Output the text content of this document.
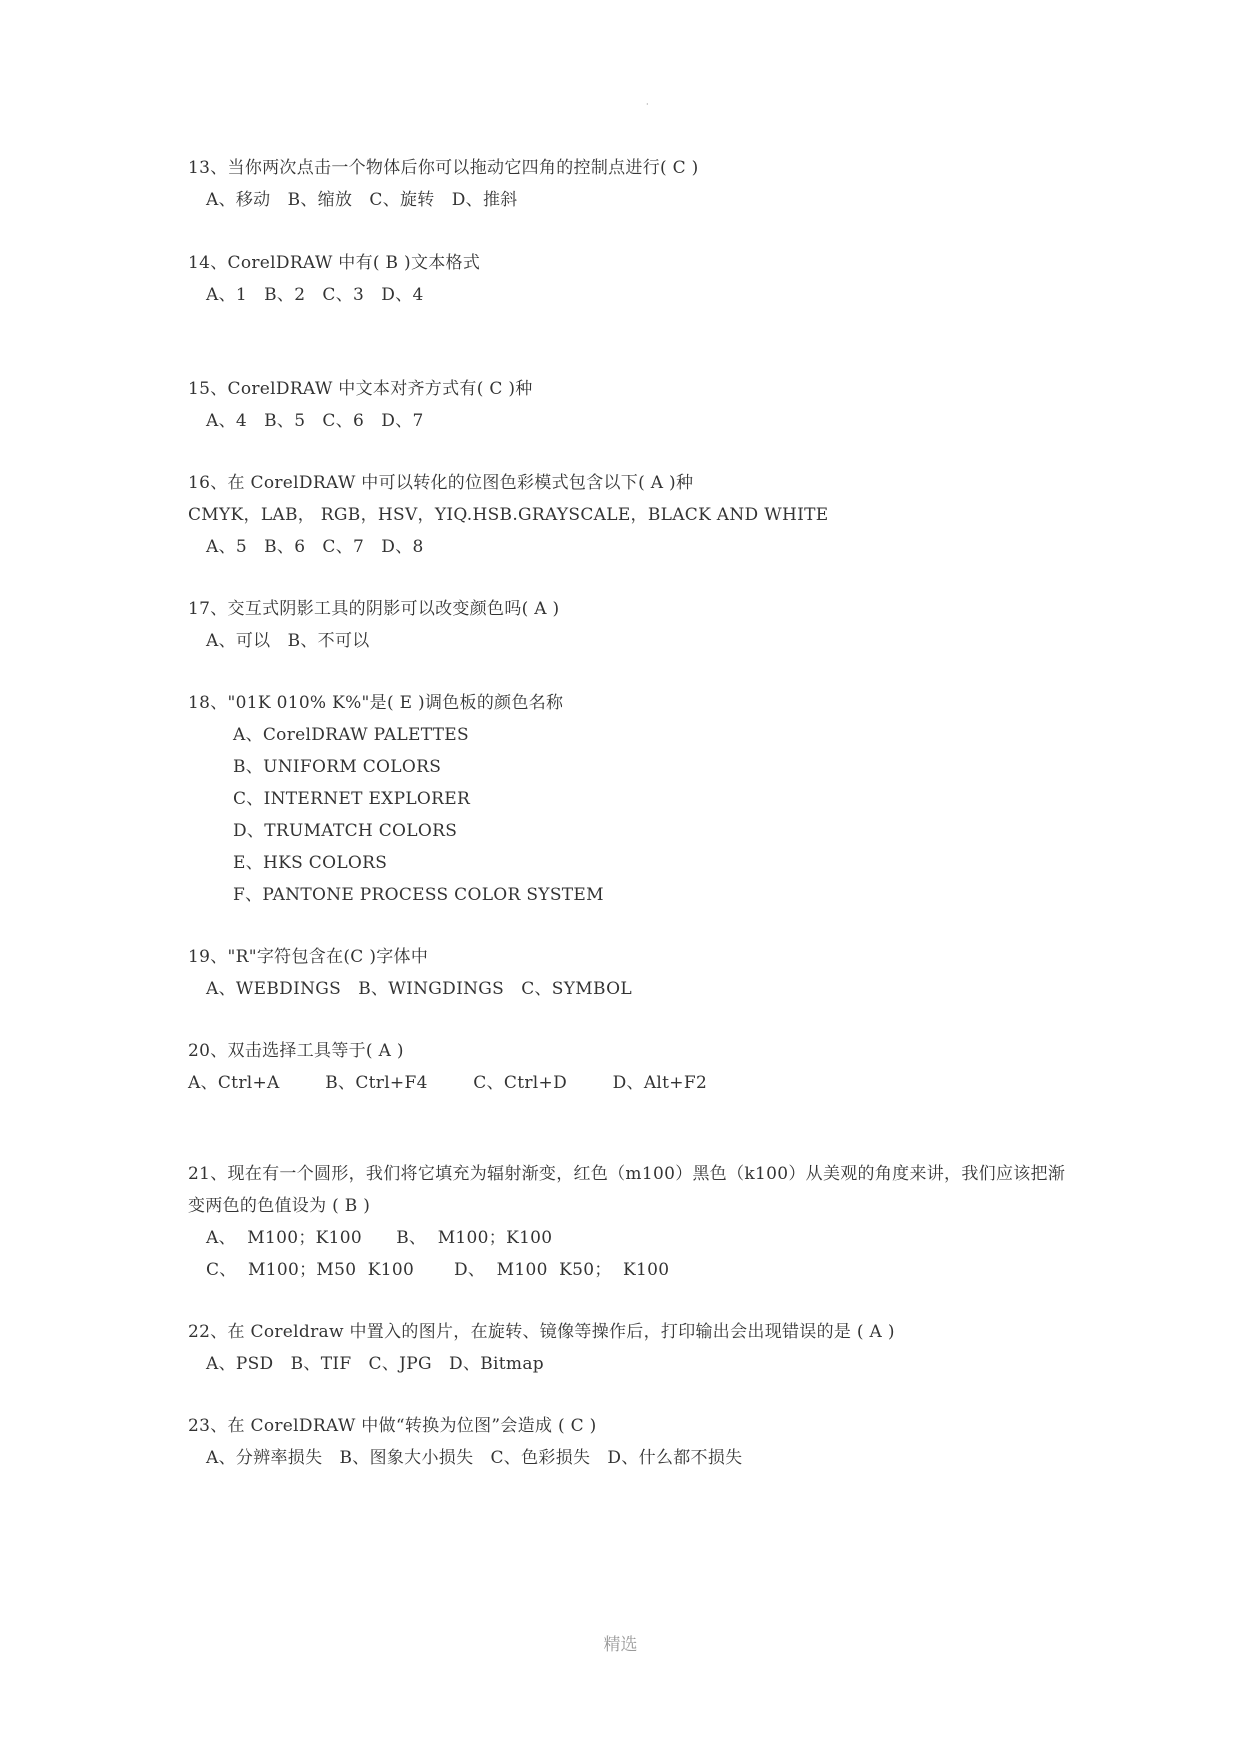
·
13、当你两次点击一个物体后你可以拖动它四角的控制点进行( C )
A、移动   B、缩放   C、旋转   D、推斜
14、CorelDRAW 中有( B )文本格式
A、1   B、2   C、3   D、4
15、CorelDRAW 中文本对齐方式有( C )种
A、4   B、5   C、6   D、7
16、在 CorelDRAW 中可以转化的位图色彩模式包含以下( A )种
CMYK，LAB， RGB，HSV，YIQ.HSB.GRAYSCALE，BLACK AND WHITE
A、5   B、6   C、7   D、8
17、交互式阴影工具的阴影可以改变颜色吗( A )
A、可以   B、不可以
18、"01K 010% K%"是( E )调色板的颜色名称
A、CorelDRAW PALETTES
B、UNIFORM COLORS
C、INTERNET EXPLORER
D、TRUMATCH COLORS
E、HKS COLORS
F、PANTONE PROCESS COLOR SYSTEM
19、"R"字符包含在(C )字体中
A、WEBDINGS   B、WINGDINGS   C、SYMBOL
20、双击选择工具等于( A )
A、Ctrl+A        B、Ctrl+F4        C、Ctrl+D        D、Alt+F2
21、现在有一个圆形，我们将它填充为辐射渐变，红色（m100）黑色（k100）从美观的角度来讲，我们应该把渐
变两色的色值设为 ( B )
A、  M100；K100      B、  M100；K100
C、  M100；M50  K100       D、  M100  K50；  K100
22、在 Coreldraw 中置入的图片，在旋转、镜像等操作后，打印输出会出现错误的是 ( A )
A、PSD   B、TIF   C、JPG   D、Bitmap
23、在 CorelDRAW 中做“转换为位图”会造成 ( C )
A、分辨率损失   B、图象大小损失   C、色彩损失   D、什么都不损失
精选
